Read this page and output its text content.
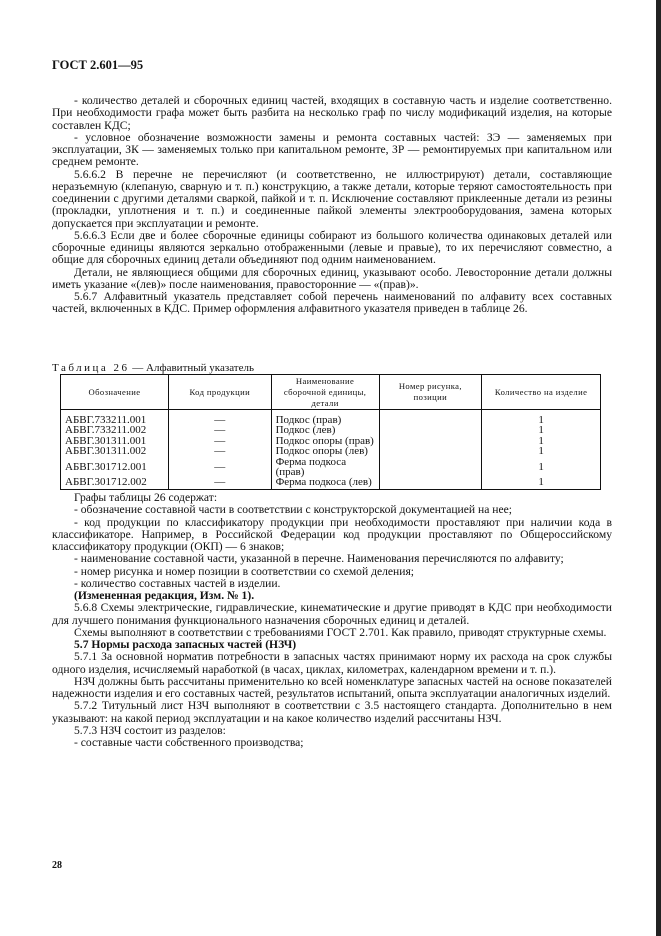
ГОСТ 2.601—95

- количество деталей и сборочных единиц частей, входящих в составную часть и изделие соответственно. При необходимости графа может быть разбита на несколько граф по числу модификаций изделия, на которые составлен КДС;

- условное обозначение возможности замены и ремонта составных частей: ЗЭ — заменяемых при эксплуатации, ЗК — заменяемых только при капитальном ремонте, ЗР — ремонтируемых при капитальном или среднем ремонте.

5.6.6.2 В перечне не перечисляют (и соответственно, не иллюстрируют) детали, составляющие неразъемную (клепаную, сварную и т. п.) конструкцию, а также детали, которые теряют самостоятельность при соединении с другими деталями сваркой, пайкой и т. п. Исключение составляют приклеенные детали из резины (прокладки, уплотнения и т. п.) и соединенные пайкой элементы электрооборудования, замена которых допускается при эксплуатации и ремонте.

5.6.6.3 Если две и более сборочные единицы собирают из большого количества одинаковых деталей или сборочные единицы являются зеркально отображенными (левые и правые), то их перечисляют совместно, а общие для сборочных единиц детали объединяют под одним наименованием.

Детали, не являющиеся общими для сборочных единиц, указывают особо. Левосторонние детали должны иметь указание «(лев)» после наименования, правосторонние — «(прав)».

5.6.7 Алфавитный указатель представляет собой перечень наименований по алфавиту всех составных частей, включенных в КДС. Пример оформления алфавитного указателя приведен в таблице 26.

Таблица 26 — Алфавитный указатель
Обозначение	Код продукции	Наименование сборочной единицы, детали	Номер рисунка, позиции	Количество на изделие
АБВГ.733211.001	—	Подкос (прав)		1
АБВГ.733211.002	—	Подкос (лев)		1
АБВГ.301311.001	—	Подкос опоры (прав)		1
АБВГ.301311.002	—	Подкос опоры (лев)		1
АБВГ.301712.001	—	Ферма подкоса (прав)		1
АБВГ.301712.002	—	Ферма подкоса (лев)		1

Графы таблицы 26 содержат:

- обозначение составной части в соответствии с конструкторской документацией на нее;

- код продукции по классификатору продукции при необходимости проставляют при наличии кода в классификаторе. Например, в Российской Федерации код продукции проставляют по Общероссийскому классификатору продукции (ОКП) — 6 знаков;

- наименование составной части, указанной в перечне. Наименования перечисляются по алфавиту;

- номер рисунка и номер позиции в соответствии со схемой деления;

- количество составных частей в изделии.

(Измененная редакция, Изм. № 1).

5.6.8 Схемы электрические, гидравлические, кинематические и другие приводят в КДС при необходимости для лучшего понимания функционального назначения сборочных единиц и деталей.

Схемы выполняют в соответствии с требованиями ГОСТ 2.701. Как правило, приводят структурные схемы.

5.7 Нормы расхода запасных частей (НЗЧ)

5.7.1 За основной норматив потребности в запасных частях принимают норму их расхода на срок службы одного изделия, исчисляемый наработкой (в часах, циклах, километрах, календарном времени и т. п.).

НЗЧ должны быть рассчитаны применительно ко всей номенклатуре запасных частей на основе показателей надежности изделия и его составных частей, результатов испытаний, опыта эксплуатации аналогичных изделий.

5.7.2 Титульный лист НЗЧ выполняют в соответствии с 3.5 настоящего стандарта. Дополнительно в нем указывают: на какой период эксплуатации и на какое количество изделий рассчитаны НЗЧ.

5.7.3 НЗЧ состоит из разделов:

- составные части собственного производства;

28
